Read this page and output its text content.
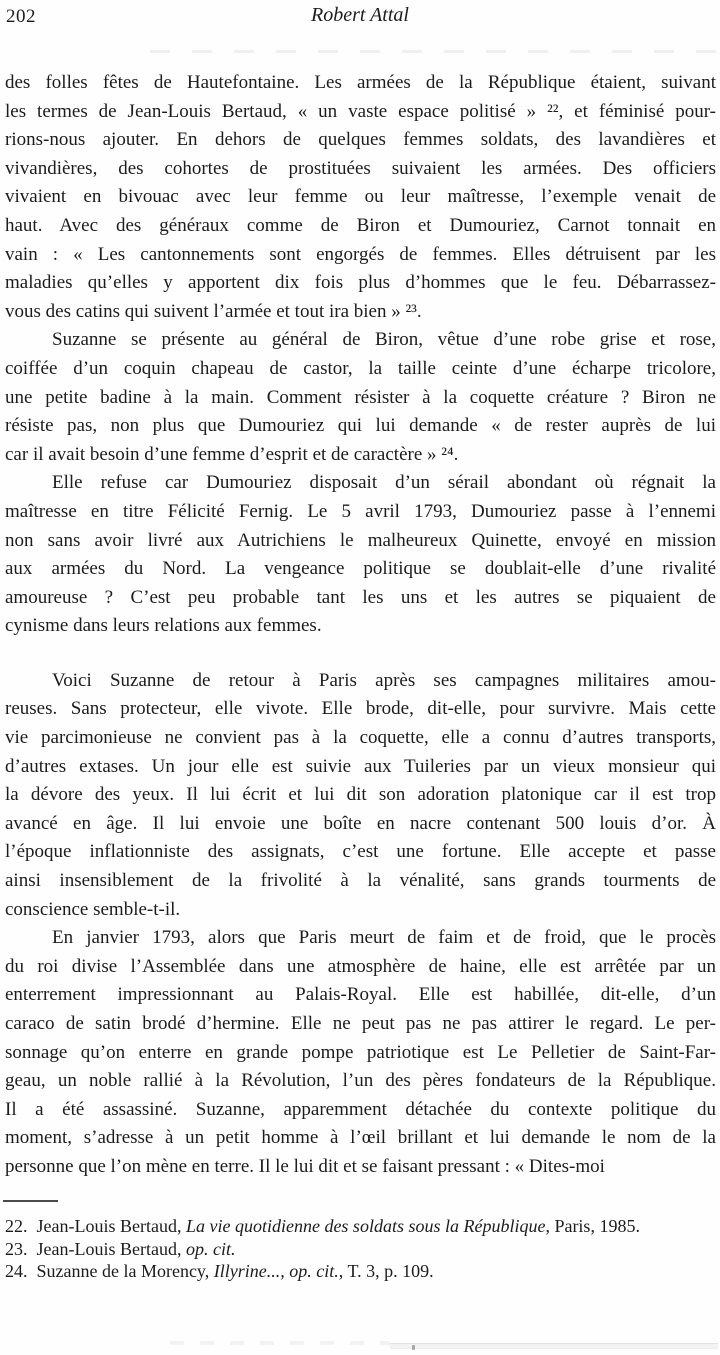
202	Robert Attal
des folles fêtes de Hautefontaine. Les armées de la République étaient, suivant
les termes de Jean-Louis Bertaud, « un vaste espace politisé » ²², et féminisé pour-
rions-nous ajouter. En dehors de quelques femmes soldats, des lavandières et
vivandières, des cohortes de prostituées suivaient les armées. Des officiers
vivaient en bivouac avec leur femme ou leur maîtresse, l’exemple venait de
haut. Avec des généraux comme de Biron et Dumouriez, Carnot tonnait en
vain : « Les cantonnements sont engorgés de femmes. Elles détruisent par les
maladies qu’elles y apportent dix fois plus d’hommes que le feu. Débarrassez-
vous des catins qui suivent l’armée et tout ira bien » ²³.
Suzanne se présente au général de Biron, vêtue d’une robe grise et rose,
coiffée d’un coquin chapeau de castor, la taille ceinte d’une écharpe tricolore,
une petite badine à la main. Comment résister à la coquette créature ? Biron ne
résiste pas, non plus que Dumouriez qui lui demande « de rester auprès de lui
car il avait besoin d’une femme d’esprit et de caractère » ²⁴.
Elle refuse car Dumouriez disposait d’un sérail abondant où régnait la
maîtresse en titre Félicité Fernig. Le 5 avril 1793, Dumouriez passe à l’ennemi
non sans avoir livré aux Autrichiens le malheureux Quinette, envoyé en mission
aux armées du Nord. La vengeance politique se doublait-elle d’une rivalité
amoureuse ? C’est peu probable tant les uns et les autres se piquaient de
cynisme dans leurs relations aux femmes.
Voici Suzanne de retour à Paris après ses campagnes militaires amou-
reuses. Sans protecteur, elle vivote. Elle brode, dit-elle, pour survivre. Mais cette
vie parcimonieuse ne convient pas à la coquette, elle a connu d’autres transports,
d’autres extases. Un jour elle est suivie aux Tuileries par un vieux monsieur qui
la dévore des yeux. Il lui écrit et lui dit son adoration platonique car il est trop
avancé en âge. Il lui envoie une boîte en nacre contenant 500 louis d’or. À
l’époque inflationniste des assignats, c’est une fortune. Elle accepte et passe
ainsi insensiblement de la frivolité à la vénalité, sans grands tourments de
conscience semble-t-il.
En janvier 1793, alors que Paris meurt de faim et de froid, que le procès
du roi divise l’Assemblée dans une atmosphère de haine, elle est arrêtée par un
enterrement impressionnant au Palais-Royal. Elle est habillée, dit-elle, d’un
caraco de satin brodé d’hermine. Elle ne peut pas ne pas attirer le regard. Le per-
sonnage qu’on enterre en grande pompe patriotique est Le Pelletier de Saint-Far-
geau, un noble rallié à la Révolution, l’un des pères fondateurs de la République.
Il a été assassiné. Suzanne, apparemment détachée du contexte politique du
moment, s’adresse à un petit homme à l’œil brillant et lui demande le nom de la
personne que l’on mène en terre. Il le lui dit et se faisant pressant : « Dites-moi
22.  Jean-Louis Bertaud, La vie quotidienne des soldats sous la République, Paris, 1985.
23.  Jean-Louis Bertaud, op. cit.
24.  Suzanne de la Morency, Illyrine..., op. cit., T. 3, p. 109.
